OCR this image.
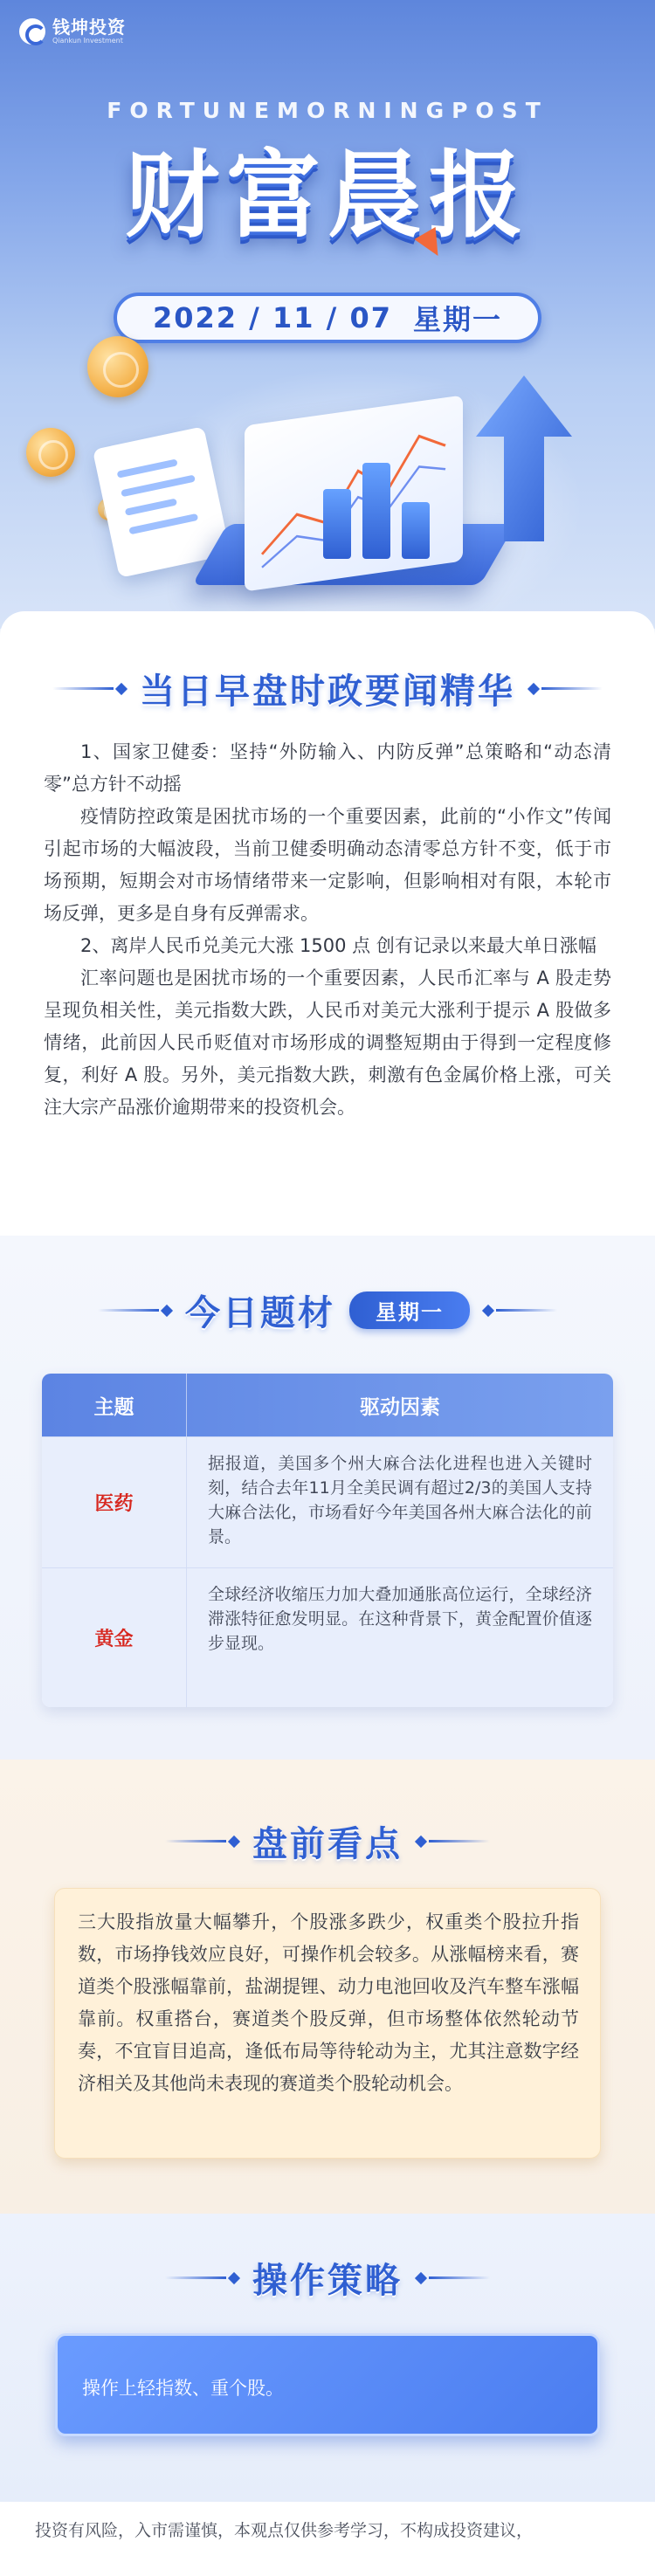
钱坤投资
Qiankun Investment
FORTUNEMORNINGPOST
财富晨报
2022 / 11 / 07 星期一
当日早盘时政要闻精华

1、国家卫健委：坚持“外防输入、内防反弹”总策略和“动态清零”总方针不动摇

疫情防控政策是困扰市场的一个重要因素，此前的“小作文”传闻引起市场的大幅波段，当前卫健委明确动态清零总方针不变，低于市场预期，短期会对市场情绪带来一定影响，但影响相对有限，本轮市场反弹，更多是自身有反弹需求。

2、离岸人民币兑美元大涨 1500 点 创有记录以来最大单日涨幅

汇率问题也是困扰市场的一个重要因素，人民币汇率与 A 股走势呈现负相关性，美元指数大跌，人民币对美元大涨利于提示 A 股做多情绪，此前因人民币贬值对市场形成的调整短期由于得到一定程度修复，利好 A 股。另外，美元指数大跌，刺激有色金属价格上涨，可关注大宗产品涨价逾期带来的投资机会。

今日题材	星期一
主题	驱动因素
医药
据报道，美国多个州大麻合法化进程也进入关键时刻，结合去年11月全美民调有超过2/3的美国人支持大麻合法化，市场看好今年美国各州大麻合法化的前景。
黄金
全球经济收缩压力加大叠加通胀高位运行，全球经济滞涨特征愈发明显。在这种背景下，黄金配置价值逐步显现。
盘前看点
三大股指放量大幅攀升，个股涨多跌少，权重类个股拉升指数，市场挣钱效应良好，可操作机会较多。从涨幅榜来看，赛道类个股涨幅靠前，盐湖提锂、动力电池回收及汽车整车涨幅靠前。权重搭台，赛道类个股反弹，但市场整体依然轮动节奏，不宜盲目追高，逢低布局等待轮动为主，尤其注意数字经济相关及其他尚未表现的赛道类个股轮动机会。
操作策略
操作上轻指数、重个股。
投资有风险，入市需谨慎，本观点仅供参考学习，不构成投资建议，
